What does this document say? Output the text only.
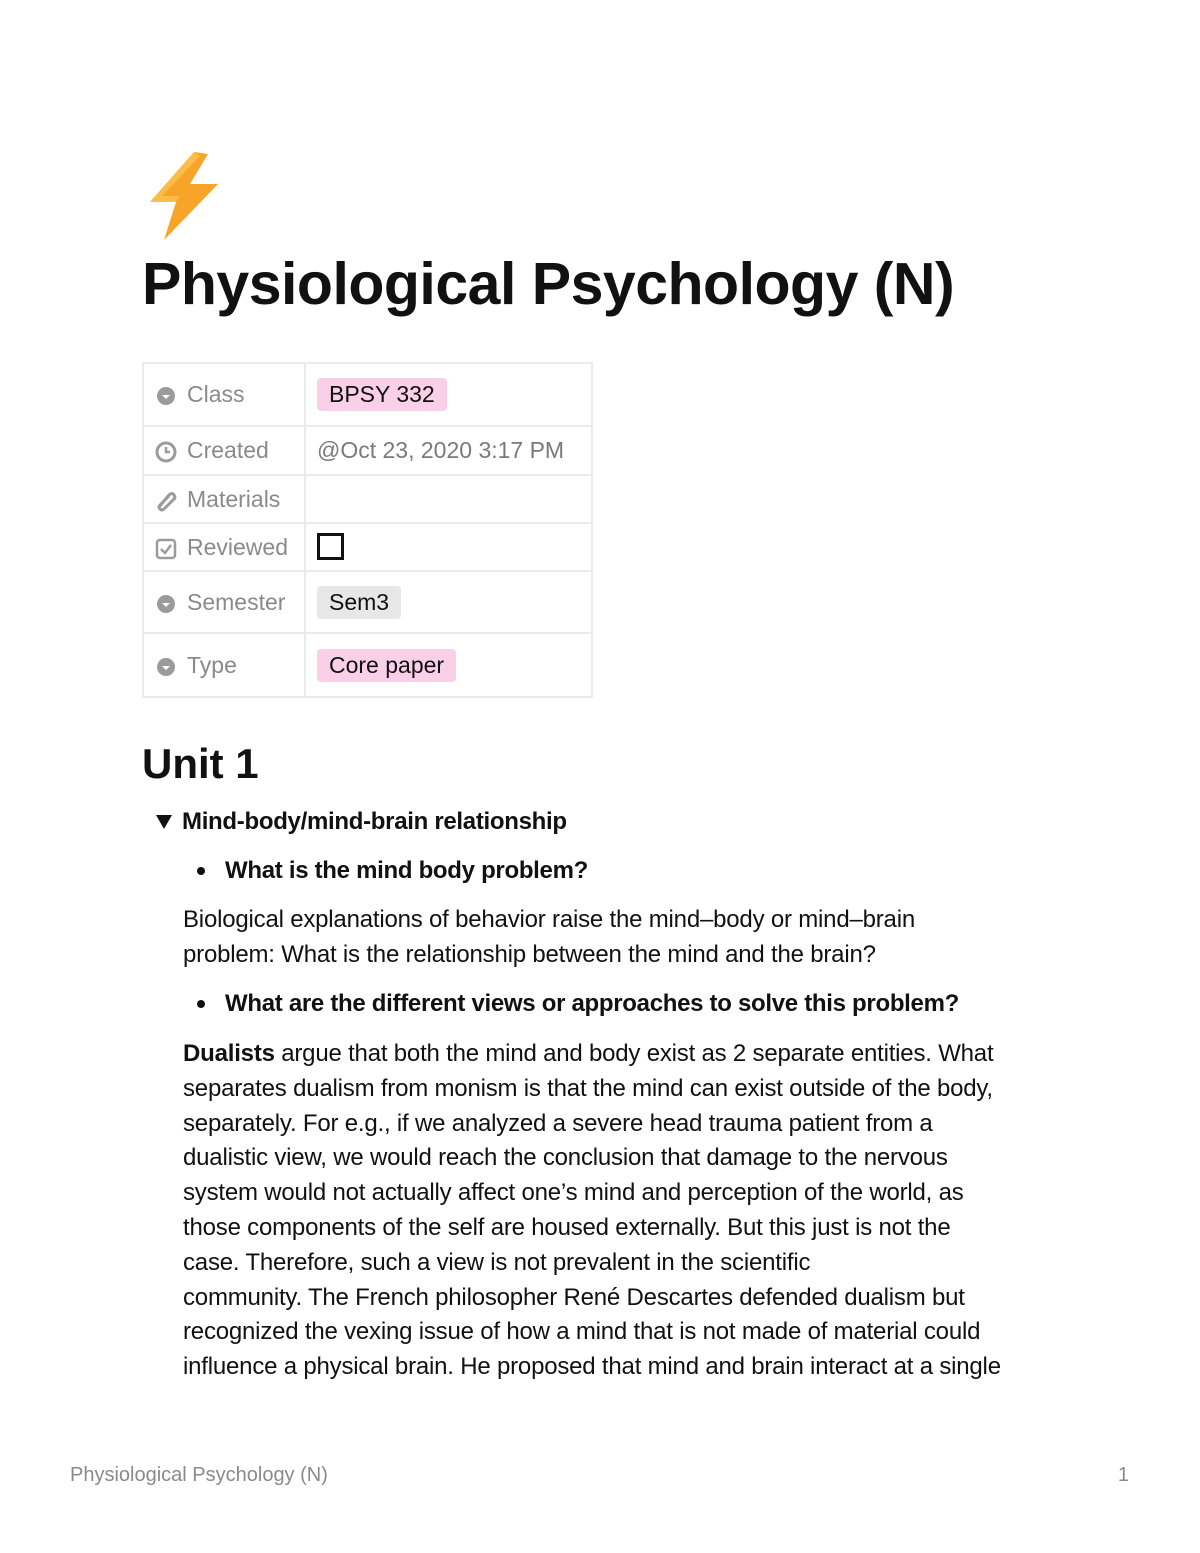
Physiological Psychology (N)
Class	BPSY 332

Created	@Oct 23, 2020 3:17 PM

Materials	

Reviewed	

Semester	Sem3

Type	Core paper
Unit 1
Mind-body/mind-brain relationship
What is the mind body problem?

Biological explanations of behavior raise the mind–body or mind–brain
problem: What is the relationship between the mind and the brain?

What are the different views or approaches to solve this problem?

Dualists argue that both the mind and body exist as 2 separate entities. What
separates dualism from monism is that the mind can exist outside of the body,
separately. For e.g., if we analyzed a severe head trauma patient from a
dualistic view, we would reach the conclusion that damage to the nervous
system would not actually affect one’s mind and perception of the world, as
those components of the self are housed externally. But this just is not the
case. Therefore, such a view is not prevalent in the scientific
community. The French philosopher René Descartes defended dualism but
recognized the vexing issue of how a mind that is not made of material could
influence a physical brain. He proposed that mind and brain interact at a single

Physiological Psychology (N)	1
